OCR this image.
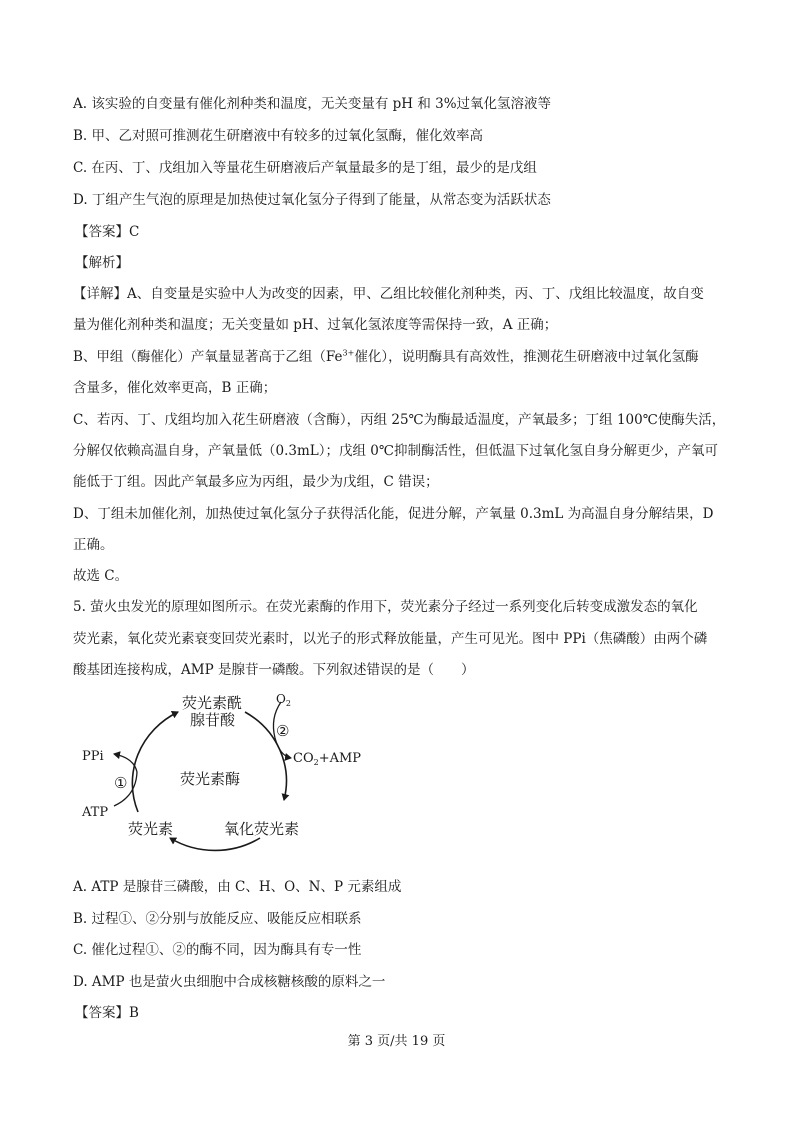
A. 该实验的自变量有催化剂种类和温度，无关变量有 pH 和 3%过氧化氢溶液等
B. 甲、乙对照可推测花生研磨液中有较多的过氧化氢酶，催化效率高
C. 在丙、丁、戊组加入等量花生研磨液后产氧量最多的是丁组，最少的是戊组
D. 丁组产生气泡的原理是加热使过氧化氢分子得到了能量，从常态变为活跃状态
【答案】C
【解析】
【详解】A、自变量是实验中人为改变的因素，甲、乙组比较催化剂种类，丙、丁、戊组比较温度，故自变
量为催化剂种类和温度；无关变量如 pH、过氧化氢浓度等需保持一致，A 正确；
B、甲组（酶催化）产氧量显著高于乙组（$Fe^{3+}$催化），说明酶具有高效性，推测花生研磨液中过氧化氢酶
含量多，催化效率更高，B 正确；
C、若丙、丁、戊组均加入花生研磨液（含酶），丙组 25℃为酶最适温度，产氧最多；丁组 100℃使酶失活，
分解仅依赖高温自身，产氧量低（0.3mL）；戊组 0℃抑制酶活性，但低温下过氧化氢自身分解更少，产氧可
能低于丁组。因此产氧最多应为丙组，最少为戊组，C 错误；
D、丁组未加催化剂，加热使过氧化氢分子获得活化能，促进分解，产氧量 0.3mL 为高温自身分解结果，D
正确。
故选 C。
5. 萤火虫发光的原理如图所示。在荧光素酶的作用下，荧光素分子经过一系列变化后转变成激发态的氧化
荧光素，氧化荧光素衰变回荧光素时，以光子的形式释放能量，产生可见光。图中 PPi（焦磷酸）由两个磷
酸基团连接构成，AMP 是腺苷一磷酸。下列叙述错误的是（　　）
荧光素酰
腺苷酸
$O_2$
②
$CO_2+AMP$
荧光素酶
PPi
①
ATP
荧光素	氧化荧光素
A. ATP 是腺苷三磷酸，由 C、H、O、N、P 元素组成
B. 过程①、②分别与放能反应、吸能反应相联系
C. 催化过程①、②的酶不同，因为酶具有专一性
D. AMP 也是萤火虫细胞中合成核糖核酸的原料之一
【答案】B
第 3 页/共 19 页
